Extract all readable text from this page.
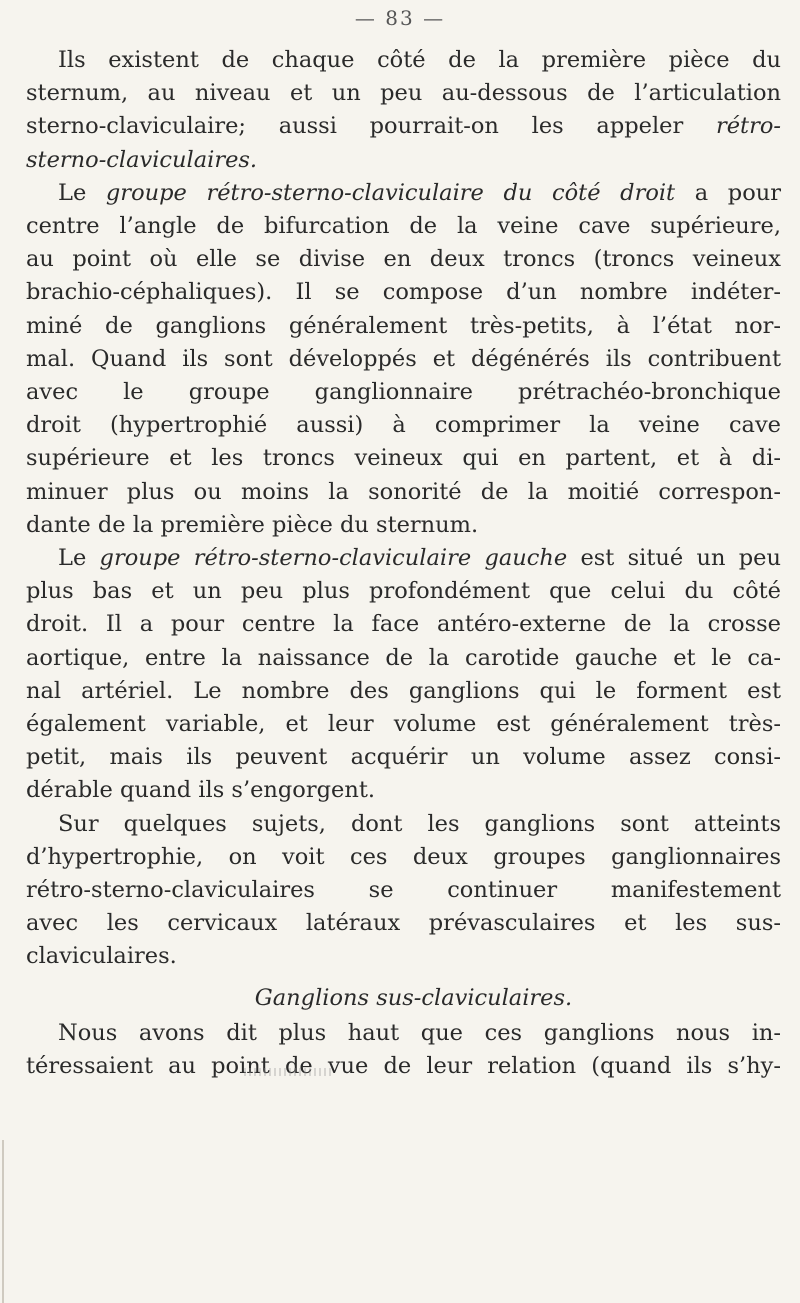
— 83 —

Ils existent de chaque côté de la première pièce du
sternum, au niveau et un peu au-dessous de l’articulation
sterno-claviculaire; aussi pourrait-on les appeler rétro-
sterno-claviculaires.

Le groupe rétro-sterno-claviculaire du côté droit a pour
centre l’angle de bifurcation de la veine cave supérieure,
au point où elle se divise en deux troncs (troncs veineux
brachio-céphaliques). Il se compose d’un nombre indéter-
miné de ganglions généralement très-petits, à l’état nor-
mal. Quand ils sont développés et dégénérés ils contribuent
avec le groupe ganglionnaire prétrachéo-bronchique
droit (hypertrophié aussi) à comprimer la veine cave
supérieure et les troncs veineux qui en partent, et à di-
minuer plus ou moins la sonorité de la moitié correspon-
dante de la première pièce du sternum.

Le groupe rétro-sterno-claviculaire gauche est situé un peu
plus bas et un peu plus profondément que celui du côté
droit. Il a pour centre la face antéro-externe de la crosse
aortique, entre la naissance de la carotide gauche et le ca-
nal artériel. Le nombre des ganglions qui le forment est
également variable, et leur volume est généralement très-
petit, mais ils peuvent acquérir un volume assez consi-
dérable quand ils s’engorgent.

Sur quelques sujets, dont les ganglions sont atteints
d’hypertrophie, on voit ces deux groupes ganglionnaires
rétro-sterno-claviculaires se continuer manifestement
avec les cervicaux latéraux prévasculaires et les sus-
claviculaires.

Ganglions sus-claviculaires.

Nous avons dit plus haut que ces ganglions nous in-
téressaient au point de vue de leur relation (quand ils s’hy-
